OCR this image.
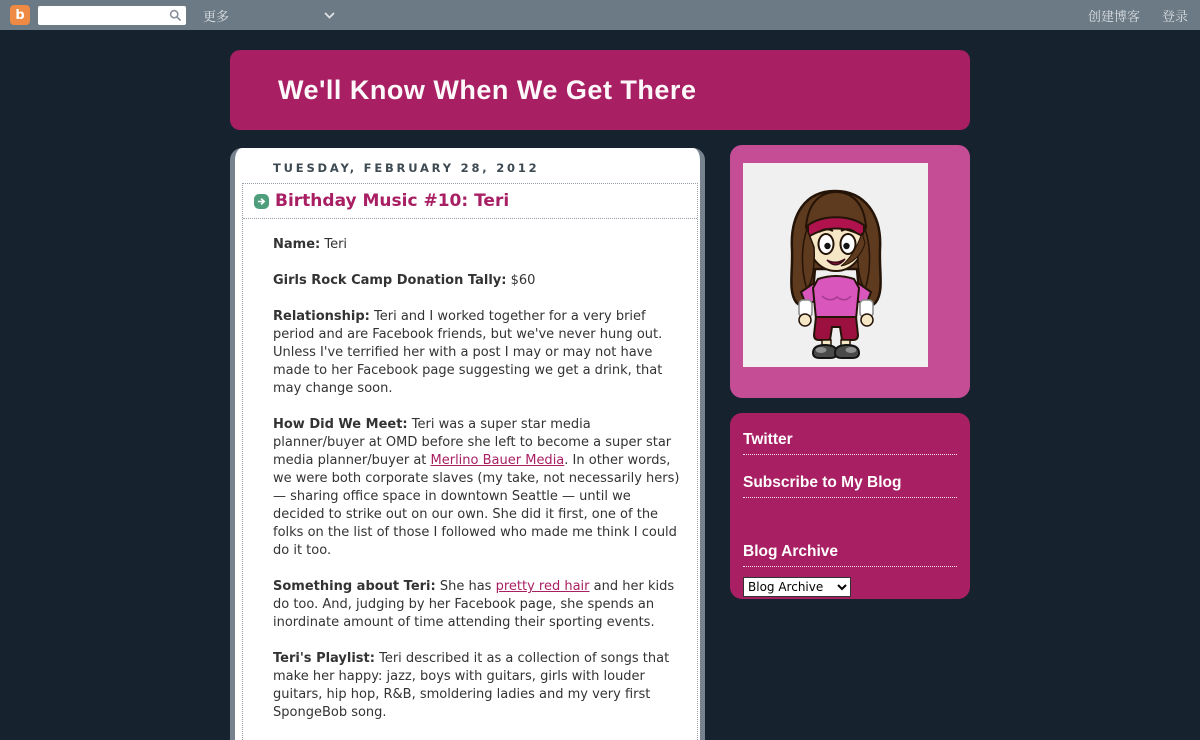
b	更多	创建博客 登录
We'll Know When We Get There
TUESDAY, FEBRUARY 28, 2012
Birthday Music #10: Teri

Name: Teri

Girls Rock Camp Donation Tally: $60

Relationship: Teri and I worked together for a very brief period and are Facebook friends, but we've never hung out. Unless I've terrified her with a post I may or may not have made to her Facebook page suggesting we get a drink, that may change soon.

How Did We Meet: Teri was a super star media planner/buyer at OMD before she left to become a super star media planner/buyer at Merlino Bauer Media. In other words, we were both corporate slaves (my take, not necessarily hers) — sharing office space in downtown Seattle — until we decided to strike out on our own. She did it first, one of the folks on the list of those I followed who made me think I could do it too.

Something about Teri: She has pretty red hair and her kids do too. And, judging by her Facebook page, she spends an inordinate amount of time attending their sporting events.

Teri's Playlist: Teri described it as a collection of songs that make her happy: jazz, boys with guitars, girls with louder guitars, hip hop, R&B, smoldering ladies and my very first SpongeBob song.

Twitter
Subscribe to My Blog
Blog Archive
Blog Archive
